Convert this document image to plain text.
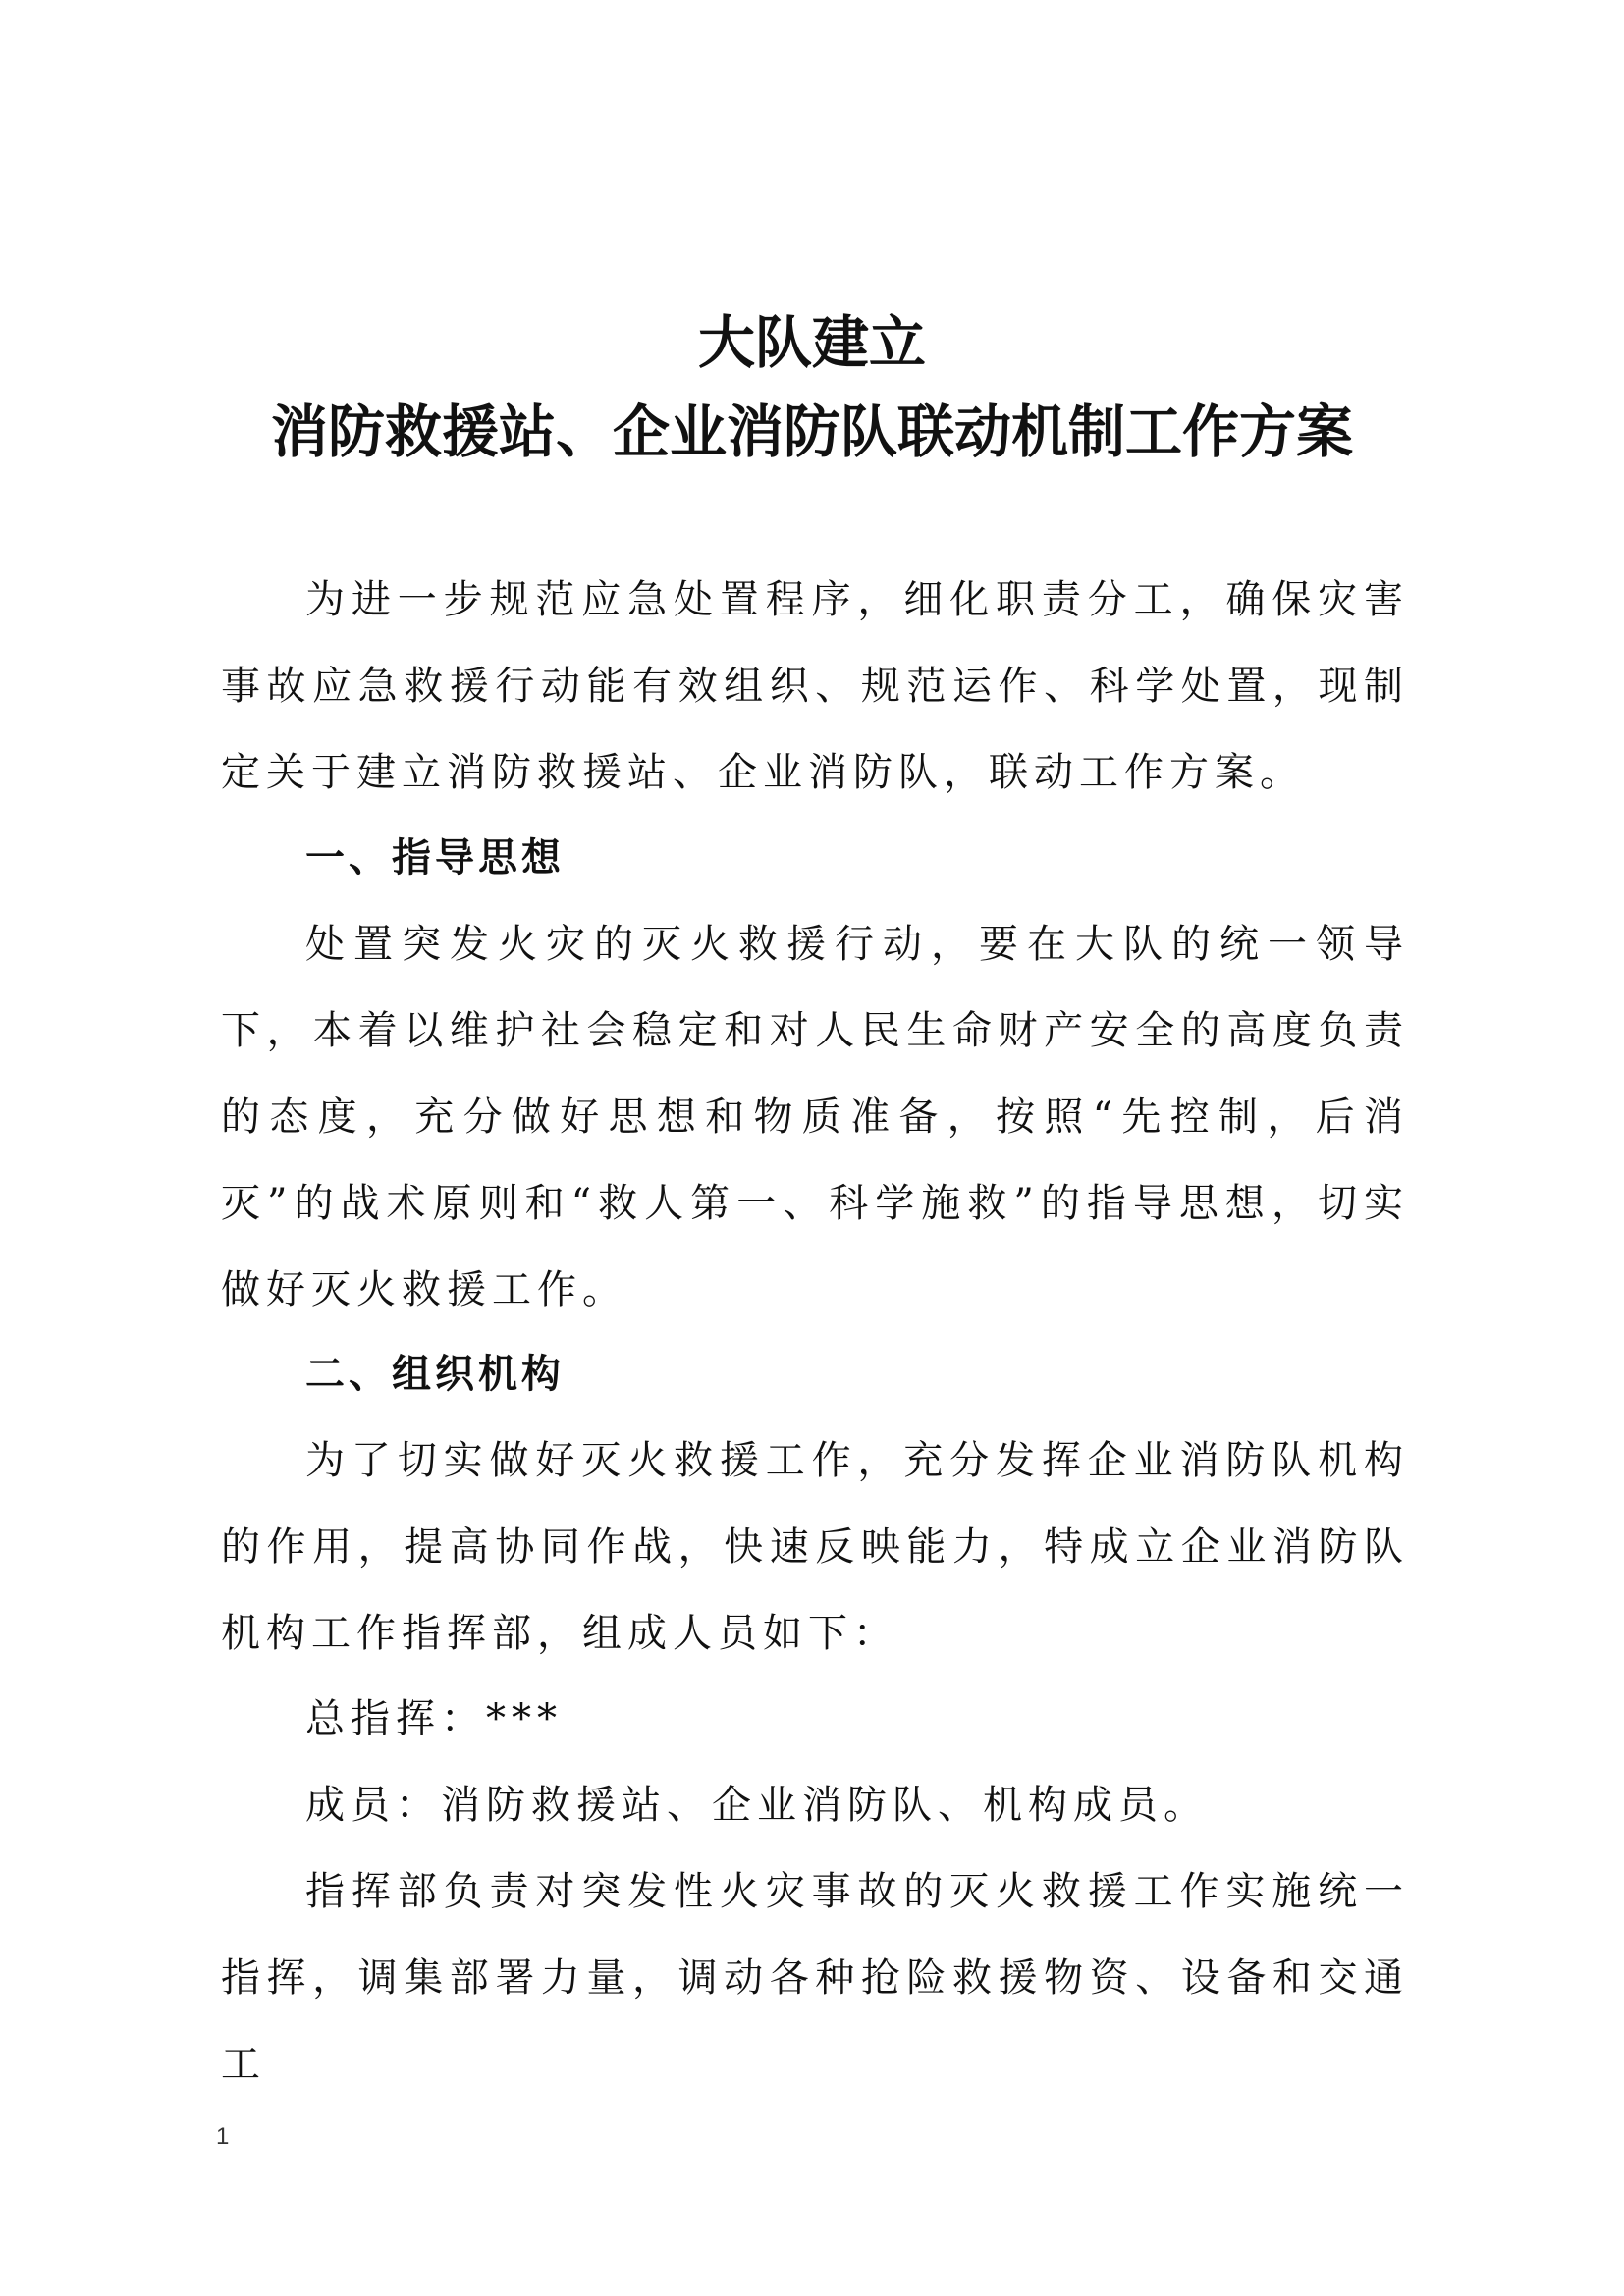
大队建立
消防救援站、企业消防队联动机制工作方案

为进一步规范应急处置程序，细化职责分工，确保灾害事故应急救援行动能有效组织、规范运作、科学处置，现制定关于建立消防救援站、企业消防队，联动工作方案。

一、指导思想

处置突发火灾的灭火救援行动，要在大队的统一领导下，本着以维护社会稳定和对人民生命财产安全的高度负责的态度，充分做好思想和物质准备，按照“先控制，后消灭”的战术原则和“救人第一、科学施救”的指导思想，切实做好灭火救援工作。

二、组织机构

为了切实做好灭火救援工作，充分发挥企业消防队机构的作用，提高协同作战，快速反映能力，特成立企业消防队机构工作指挥部，组成人员如下：

总指挥：***

成员：消防救援站、企业消防队、机构成员。

指挥部负责对突发性火灾事故的灭火救援工作实施统一指挥，调集部署力量，调动各种抢险救援物资、设备和交通工

1
